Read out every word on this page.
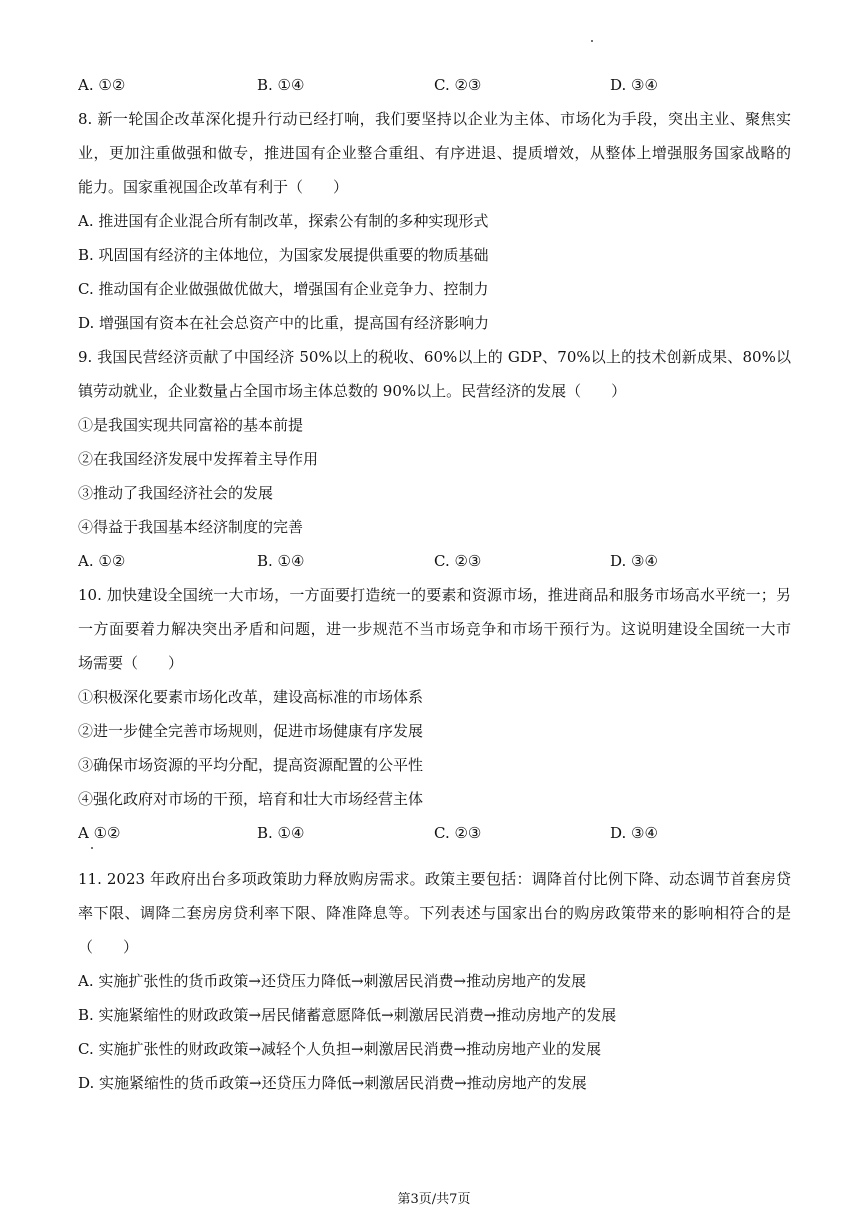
A. ①②	B. ①④	C. ②③	D. ③④
8. 新一轮国企改革深化提升行动已经打响，我们要坚持以企业为主体、市场化为手段，突出主业、聚焦实
业，更加注重做强和做专，推进国有企业整合重组、有序进退、提质增效，从整体上增强服务国家战略的
能力。国家重视国企改革有利于（　　）
A. 推进国有企业混合所有制改革，探索公有制的多种实现形式
B. 巩固国有经济的主体地位，为国家发展提供重要的物质基础
C. 推动国有企业做强做优做大，增强国有企业竞争力、控制力
D. 增强国有资本在社会总资产中的比重，提高国有经济影响力
9. 我国民营经济贡献了中国经济 50%以上的税收、60%以上的 GDP、70%以上的技术创新成果、80%以
镇劳动就业，企业数量占全国市场主体总数的 90%以上。民营经济的发展（　　）
①是我国实现共同富裕的基本前提
②在我国经济发展中发挥着主导作用
③推动了我国经济社会的发展
④得益于我国基本经济制度的完善
A. ①②	B. ①④	C. ②③	D. ③④
10. 加快建设全国统一大市场，一方面要打造统一的要素和资源市场，推进商品和服务市场高水平统一；另
一方面要着力解决突出矛盾和问题，进一步规范不当市场竞争和市场干预行为。这说明建设全国统一大市
场需要（　　）
①积极深化要素市场化改革，建设高标准的市场体系
②进一步健全完善市场规则，促进市场健康有序发展
③确保市场资源的平均分配，提高资源配置的公平性
④强化政府对市场的干预，培育和壮大市场经营主体
A ①②	B. ①④	C. ②③	D. ③④
11. 2023 年政府出台多项政策助力释放购房需求。政策主要包括：调降首付比例下降、动态调节首套房贷
率下限、调降二套房房贷利率下限、降准降息等。下列表述与国家出台的购房政策带来的影响相符合的是
（　　）
A. 实施扩张性的货币政策→还贷压力降低→刺激居民消费→推动房地产的发展
B. 实施紧缩性的财政政策→居民储蓄意愿降低→刺激居民消费→推动房地产的发展
C. 实施扩张性的财政政策→减轻个人负担→刺激居民消费→推动房地产业的发展
D. 实施紧缩性的货币政策→还贷压力降低→刺激居民消费→推动房地产的发展
第3页/共7页
